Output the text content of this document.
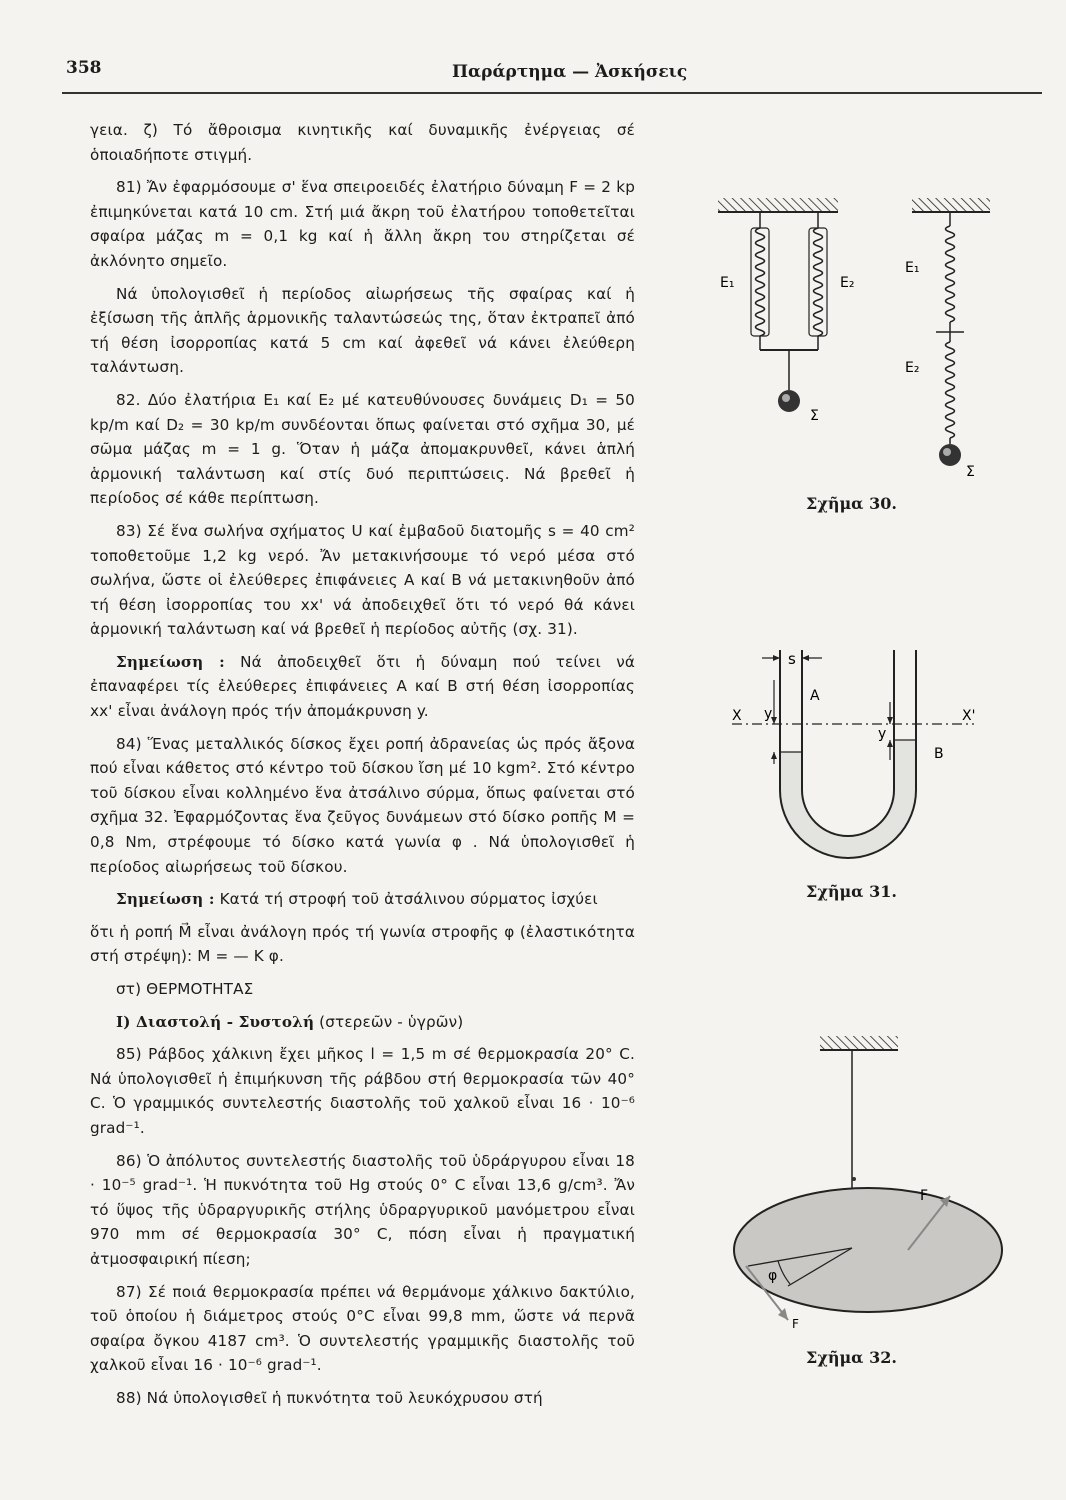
358	Παράρτημα — Ἀσκήσεις

γεια. ζ) Τό ἄθροισμα κινητικῆς καί δυναμικῆς ἐνέργειας σέ ὁποιαδήποτε στιγμή.

81) Ἄν ἐφαρμόσουμε σ' ἕνα σπειροειδές ἐλατήριο δύναμη F = 2 kp ἐπιμηκύνεται κατά 10 cm. Στή μιά ἄκρη τοῦ ἐλατήρου τοποθετεῖται σφαίρα μάζας m = 0,1 kg καί ἡ ἄλλη ἄκρη του στηρίζεται σέ ἀκλόνητο σημεῖο.

Νά ὑπολογισθεῖ ἡ περίοδος αἰωρήσεως τῆς σφαίρας καί ἡ ἐξίσωση τῆς ἁπλῆς ἁρμονικῆς ταλαντώσεώς της, ὅταν ἐκτραπεῖ ἀπό τή θέση ἰσορροπίας κατά 5 cm καί ἀφεθεῖ νά κάνει ἐλεύθερη ταλάντωση.

82. Δύο ἐλατήρια E₁ καί E₂ μέ κατευθύνουσες δυνάμεις D₁ = 50 kp/m καί D₂ = 30 kp/m συνδέονται ὅπως φαίνεται στό σχῆμα 30, μέ σῶμα μάζας m = 1 g. Ὅταν ἡ μάζα ἀπομακρυνθεῖ, κάνει ἁπλή ἁρμονική ταλάντωση καί στίς δυό περιπτώσεις. Νά βρεθεῖ ἡ περίοδος σέ κάθε περίπτωση.

83) Σέ ἕνα σωλήνα σχήματος U καί ἐμβαδοῦ διατομῆς s = 40 cm² τοποθετοῦμε 1,2 kg νερό. Ἄν μετακινήσουμε τό νερό μέσα στό σωλήνα, ὥστε οἱ ἐλεύθερες ἐπιφάνειες A καί B νά μετακινηθοῦν ἀπό τή θέση ἰσορροπίας του xx' νά ἀποδειχθεῖ ὅτι τό νερό θά κάνει ἁρμονική ταλάντωση καί νά βρεθεῖ ἡ περίοδος αὐτῆς (σχ. 31).

Σημείωση : Νά ἀποδειχθεῖ ὅτι ἡ δύναμη πού τείνει νά ἐπαναφέρει τίς ἐλεύθερες ἐπιφάνειες A καί B στή θέση ἰσορροπίας xx' εἶναι ἀνάλογη πρός τήν ἀπομάκρυνση y.

84) Ἕνας μεταλλικός δίσκος ἔχει ροπή ἀδρανείας ὡς πρός ἄξονα πού εἶναι κάθετος στό κέντρο τοῦ δίσκου ἴση μέ 10 kgm². Στό κέντρο τοῦ δίσκου εἶναι κολλημένο ἕνα ἀτσάλινο σύρμα, ὅπως φαίνεται στό σχῆμα 32. Ἐφαρμόζοντας ἕνα ζεῦγος δυνάμεων στό δίσκο ροπῆς M = 0,8 Nm, στρέφουμε τό δίσκο κατά γωνία φ . Νά ὑπολογισθεῖ ἡ περίοδος αἰωρήσεως τοῦ δίσκου.

Σημείωση : Κατά τή στροφή τοῦ ἀτσάλινου σύρματος ἰσχύει

ὅτι ἡ ροπή M⃗ εἶναι ἀνάλογη πρός τή γωνία στροφῆς φ (ἐλαστικότητα στή στρέψη): M = — K φ.

στ) ΘΕΡΜΟΤΗΤΑΣ

I) Διαστολή - Συστολή (στερεῶν - ὑγρῶν)

85) Ράβδος χάλκινη ἔχει μῆκος l = 1,5 m σέ θερμοκρασία 20° C. Νά ὑπολογισθεῖ ἡ ἐπιμήκυνση τῆς ράβδου στή θερμοκρασία τῶν 40° C. Ὁ γραμμικός συντελεστής διαστολῆς τοῦ χαλκοῦ εἶναι 16 · 10⁻⁶ grad⁻¹.

86) Ὁ ἀπόλυτος συντελεστής διαστολῆς τοῦ ὑδράργυρου εἶναι 18 · 10⁻⁵ grad⁻¹. Ἡ πυκνότητα τοῦ Hg στούς 0° C εἶναι 13,6 g/cm³. Ἄν τό ὕψος τῆς ὑδραργυρικῆς στήλης ὑδραργυρικοῦ μανόμετρου εἶναι 970 mm σέ θερμοκρασία 30° C, πόση εἶναι ἡ πραγματική ἀτμοσφαιρική πίεση;

87) Σέ ποιά θερμοκρασία πρέπει νά θερμάνομε χάλκινο δακτύλιο, τοῦ ὁποίου ἡ διάμετρος στούς 0°C εἶναι 99,8 mm, ὥστε νά περνᾶ σφαίρα ὄγκου 4187 cm³. Ὁ συντελεστής γραμμικῆς διαστολῆς τοῦ χαλκοῦ εἶναι 16 · 10⁻⁶ grad⁻¹.

88) Νά ὑπολογισθεῖ ἡ πυκνότητα τοῦ λευκόχρυσου στή

E₁	E₂
Σ
E₁
E₂
Σ
Σχῆμα 30.
X	X'
s
y
A
y
B
Σχῆμα 31.
φ
F
F
Σχῆμα 32.
